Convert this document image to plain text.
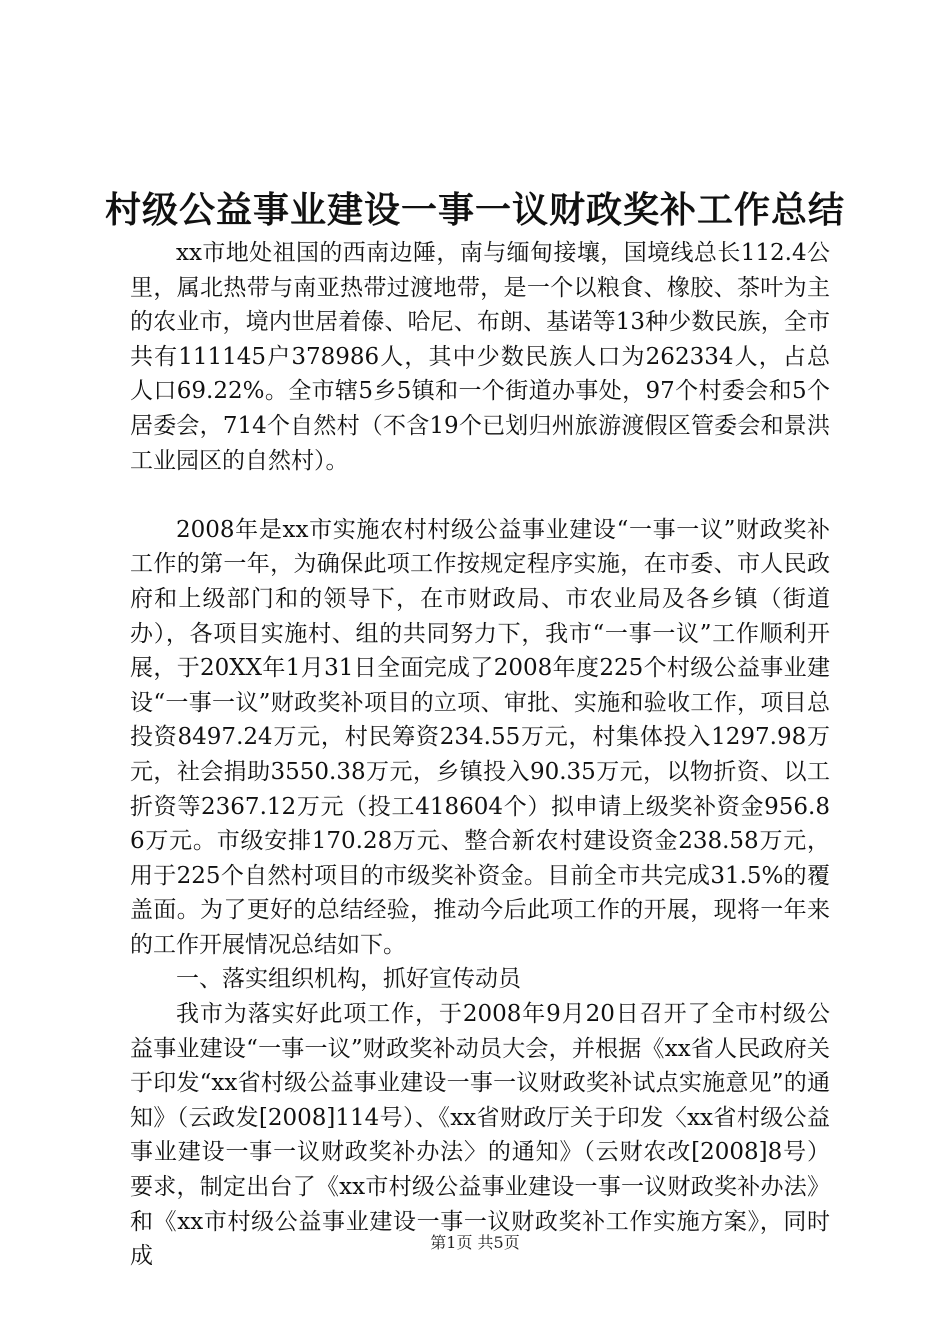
村级公益事业建设一事一议财政奖补工作总结

xx市地处祖国的西南边陲，南与缅甸接壤，国境线总长112.4公里，属北热带与南亚热带过渡地带，是一个以粮食、橡胶、茶叶为主的农业市，境内世居着傣、哈尼、布朗、基诺等13种少数民族，全市共有111145户378986人，其中少数民族人口为262334人，占总人口69.22%。全市辖5乡5镇和一个街道办事处，97个村委会和5个居委会，714个自然村（不含19个已划归州旅游渡假区管委会和景洪工业园区的自然村）。

2008年是xx市实施农村村级公益事业建设“一事一议”财政奖补工作的第一年，为确保此项工作按规定程序实施，在市委、市人民政府和上级部门和的领导下，在市财政局、市农业局及各乡镇（街道办），各项目实施村、组的共同努力下，我市“一事一议”工作顺利开展，于20XX年1月31日全面完成了2008年度225个村级公益事业建设“一事一议”财政奖补项目的立项、审批、实施和验收工作，项目总投资8497.24万元，村民筹资234.55万元，村集体投入1297.98万元，社会捐助3550.38万元，乡镇投入90.35万元，以物折资、以工折资等2367.12万元（投工418604个）拟申请上级奖补资金956.86万元。市级安排170.28万元、整合新农村建设资金238.58万元，用于225个自然村项目的市级奖补资金。目前全市共完成31.5%的覆盖面。为了更好的总结经验，推动今后此项工作的开展，现将一年来的工作开展情况总结如下。

一、落实组织机构，抓好宣传动员

我市为落实好此项工作，于2008年9月20日召开了全市村级公益事业建设“一事一议”财政奖补动员大会，并根据《xx省人民政府关于印发“xx省村级公益事业建设一事一议财政奖补试点实施意见”的通知》（云政发[2008]114号）、《xx省财政厅关于印发〈xx省村级公益事业建设一事一议财政奖补办法〉的通知》（云财农改[2008]8号）要求，制定出台了《xx市村级公益事业建设一事一议财政奖补办法》和《xx市村级公益事业建设一事一议财政奖补工作实施方案》，同时成

第1页 共5页
